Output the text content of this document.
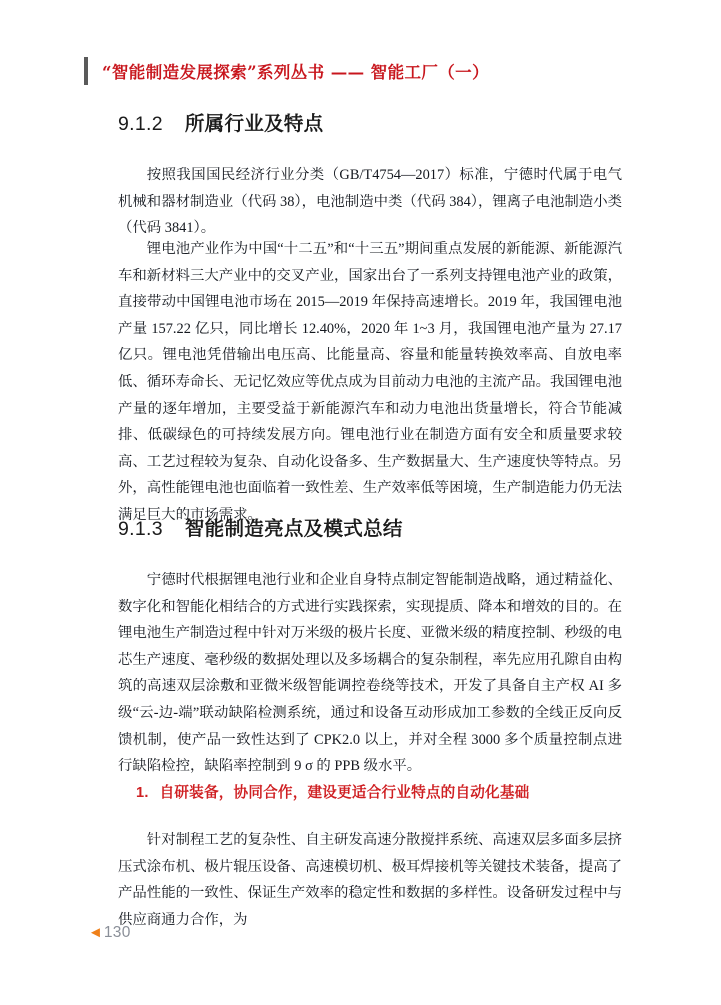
“智能制造发展探索”系列丛书 —— 智能工厂（一）
9.1.2 所属行业及特点

按照我国国民经济行业分类（GB/T4754—2017）标准，宁德时代属于电气机械和器材制造业（代码 38），电池制造中类（代码 384），锂离子电池制造小类（代码 3841）。

锂电池产业作为中国“十二五”和“十三五”期间重点发展的新能源、新能源汽车和新材料三大产业中的交叉产业，国家出台了一系列支持锂电池产业的政策，直接带动中国锂电池市场在 2015—2019 年保持高速增长。2019 年，我国锂电池产量 157.22 亿只，同比增长 12.40%，2020 年 1~3 月，我国锂电池产量为 27.17 亿只。锂电池凭借输出电压高、比能量高、容量和能量转换效率高、自放电率低、循环寿命长、无记忆效应等优点成为目前动力电池的主流产品。我国锂电池产量的逐年增加，主要受益于新能源汽车和动力电池出货量增长，符合节能减排、低碳绿色的可持续发展方向。锂电池行业在制造方面有安全和质量要求较高、工艺过程较为复杂、自动化设备多、生产数据量大、生产速度快等特点。另外，高性能锂电池也面临着一致性差、生产效率低等困境，生产制造能力仍无法满足巨大的市场需求。

9.1.3 智能制造亮点及模式总结

宁德时代根据锂电池行业和企业自身特点制定智能制造战略，通过精益化、数字化和智能化相结合的方式进行实践探索，实现提质、降本和增效的目的。在锂电池生产制造过程中针对万米级的极片长度、亚微米级的精度控制、秒级的电芯生产速度、毫秒级的数据处理以及多场耦合的复杂制程，率先应用孔隙自由构筑的高速双层涂敷和亚微米级智能调控卷绕等技术，开发了具备自主产权 AI 多级“云-边-端”联动缺陷检测系统，通过和设备互动形成加工参数的全线正反向反馈机制，使产品一致性达到了 CPK2.0 以上，并对全程 3000 多个质量控制点进行缺陷检控，缺陷率控制到 9 σ 的 PPB 级水平。

1. 自研装备，协同合作，建设更适合行业特点的自动化基础

针对制程工艺的复杂性、自主研发高速分散搅拌系统、高速双层多面多层挤压式涂布机、极片辊压设备、高速模切机、极耳焊接机等关键技术装备，提高了产品性能的一致性、保证生产效率的稳定性和数据的多样性。设备研发过程中与供应商通力合作，为

◄ 130
